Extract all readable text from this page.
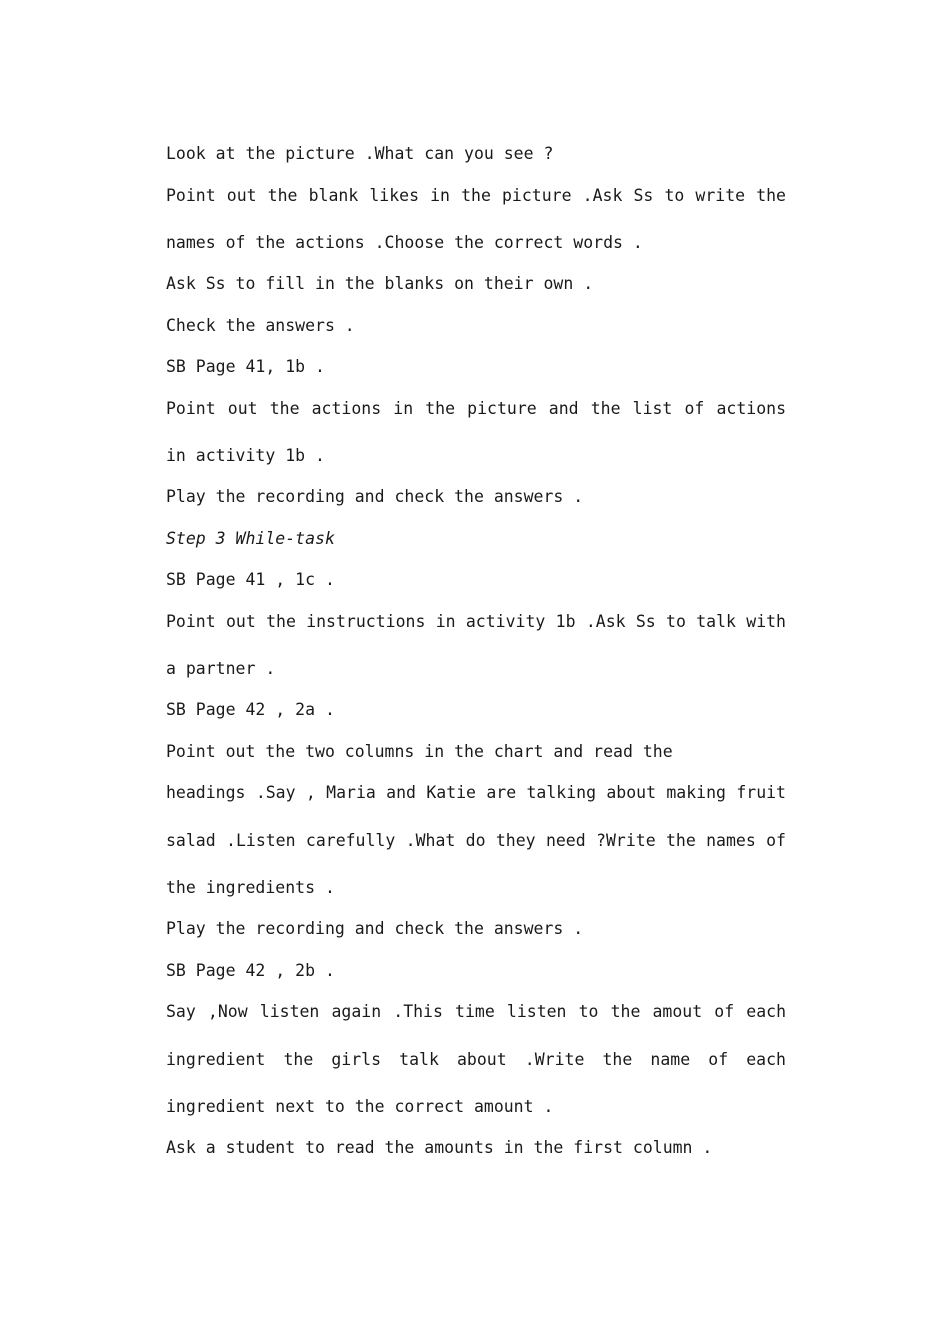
Look at the picture .What can you see ?
Point out the blank likes in the picture .Ask Ss to write the names of the actions .Choose the correct words .
Ask Ss to fill in the blanks on their own .
Check the answers .
SB Page 41, 1b .
Point out the actions in the picture and the list of actions in activity 1b .
Play the recording and check the answers .
Step 3 While-task
SB Page 41 , 1c .
Point out the instructions in activity 1b .Ask Ss to talk with a partner .
SB Page 42 , 2a .
Point out the two columns in the chart and read the
headings .Say , Maria and Katie are talking about making fruit salad .Listen carefully .What do they need ?Write the names of the ingredients .
Play the recording and check the answers .
SB Page 42 , 2b .
Say ,Now listen again .This time listen to the amout of each ingredient the girls talk about .Write the name of each ingredient next to the correct amount .
Ask a student to read the amounts in the first column .
